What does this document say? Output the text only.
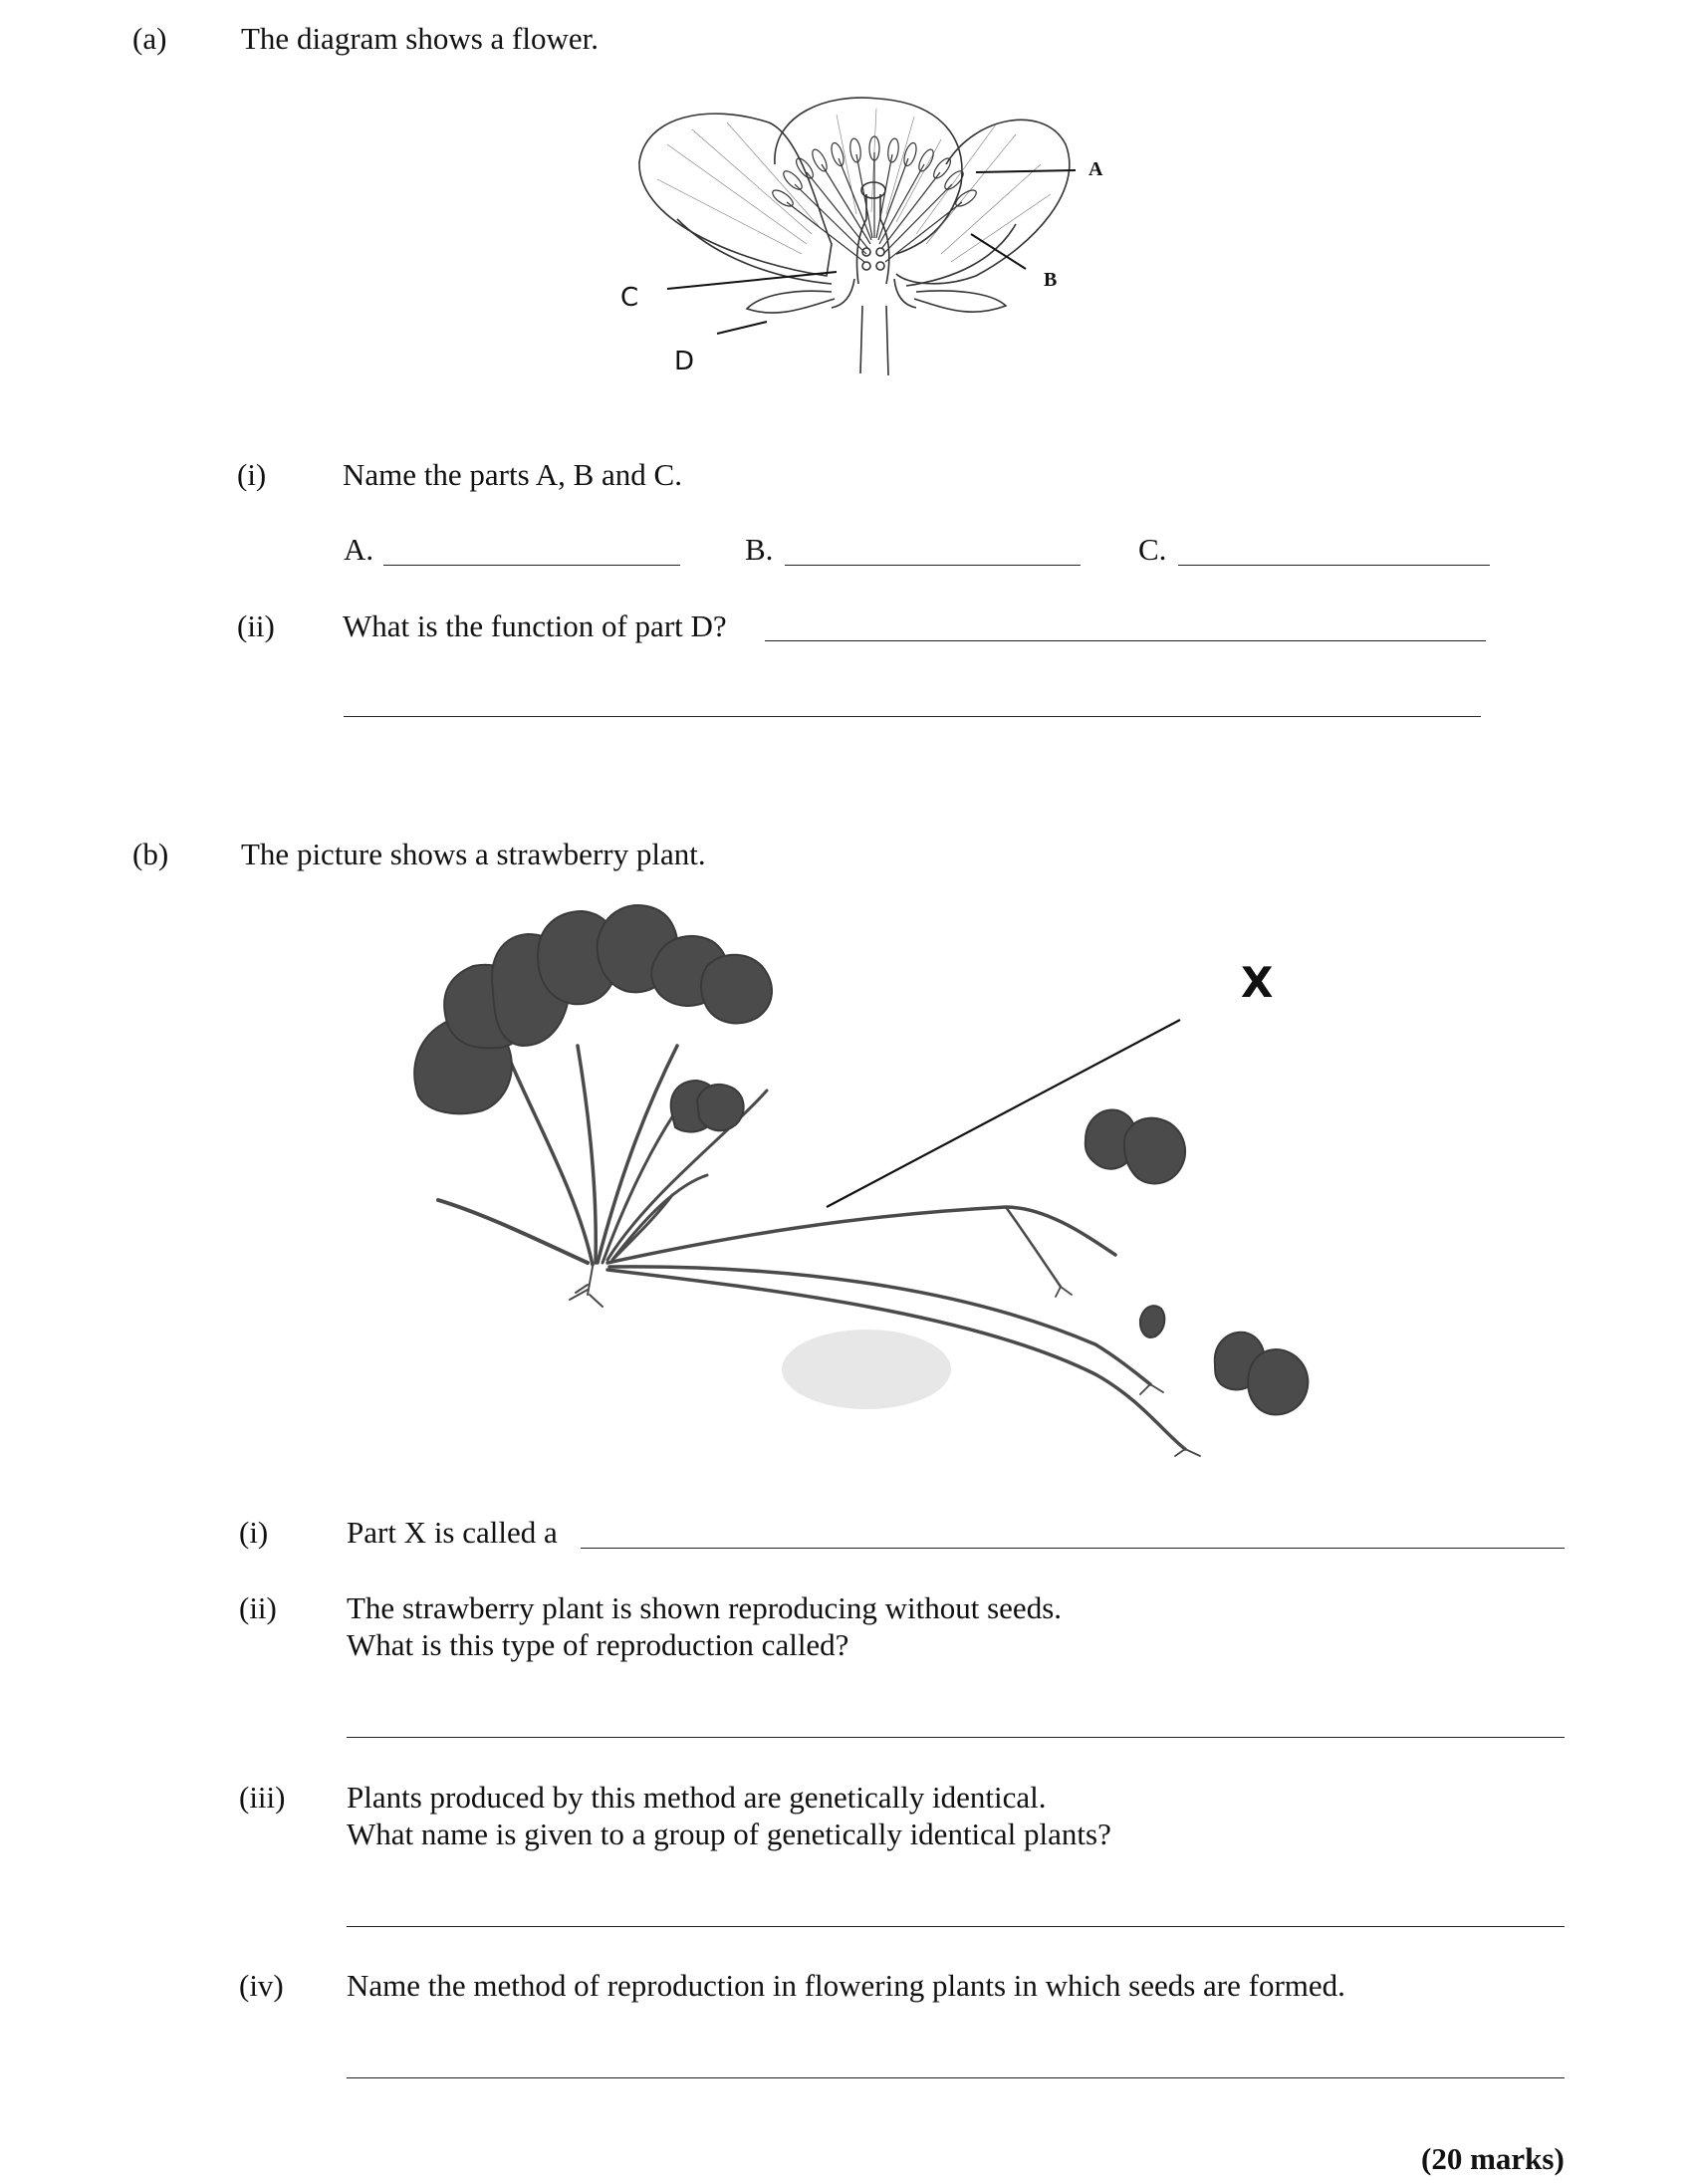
(a) The diagram shows a flower.
A
B
C
D
(i) Name the parts A, B and C.
A.	B.	C.
(ii) What is the function of part D?
(b) The picture shows a strawberry plant.
X
(i)	Part X is called a
(ii) The strawberry plant is shown reproducing without seeds.
What is this type of reproduction called?
(iii) Plants produced by this method are genetically identical.
What name is given to a group of genetically identical plants?
(iv) Name the method of reproduction in flowering plants in which seeds are formed.
(20 marks)
